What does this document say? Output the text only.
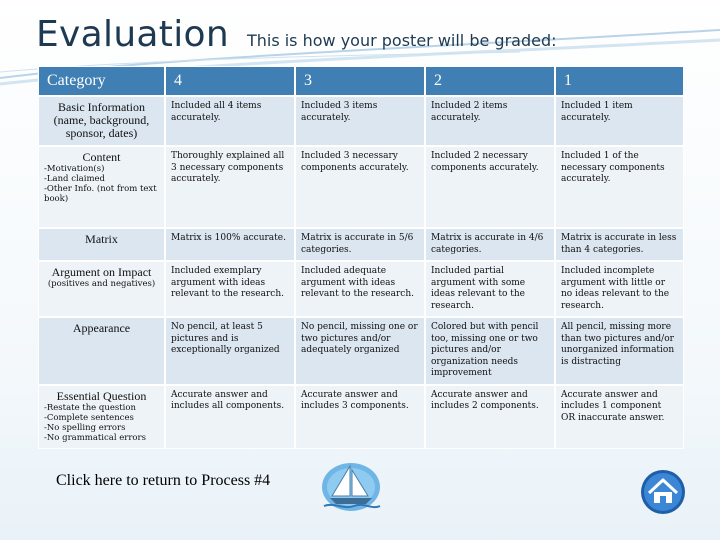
Evaluation This is how your poster will be graded:
Category	4	3	2	1

Basic Information (name, background, sponsor, dates)	Included all 4 items accurately.	Included 3 items accurately.	Included 2 items accurately.	Included 1 item accurately.

Content
-Motivation(s)
-Land claimed
-Other Info. (not from text book)	Thoroughly explained all 3 necessary components accurately.	Included 3 necessary components accurately.	Included 2 necessary components accurately.	Included 1 of the necessary components accurately.

Matrix	Matrix is 100% accurate.	Matrix is accurate in 5/6 categories.	Matrix is accurate in 4/6 categories.	Matrix is accurate in less than 4 categories.

Argument on Impact
(positives and negatives)	Included exemplary argument with ideas relevant to the research.	Included adequate argument with ideas relevant to the research.	Included partial argument with some ideas relevant to the research.	Included incomplete argument with little or no ideas relevant to the research.

Appearance	No pencil, at least 5 pictures and is exceptionally organized	No pencil, missing one or two pictures and/or adequately organized	Colored but with pencil too, missing one or two pictures and/or organization needs improvement	All pencil, missing more than two pictures and/or unorganized information is distracting

Essential Question
-Restate the question
-Complete sentences
-No spelling errors
-No grammatical errors	Accurate answer and includes all components.	Accurate answer and includes 3 components.	Accurate answer and includes 2 components.	Accurate answer and includes 1 component OR inaccurate answer.
Click here to return to Process #4
